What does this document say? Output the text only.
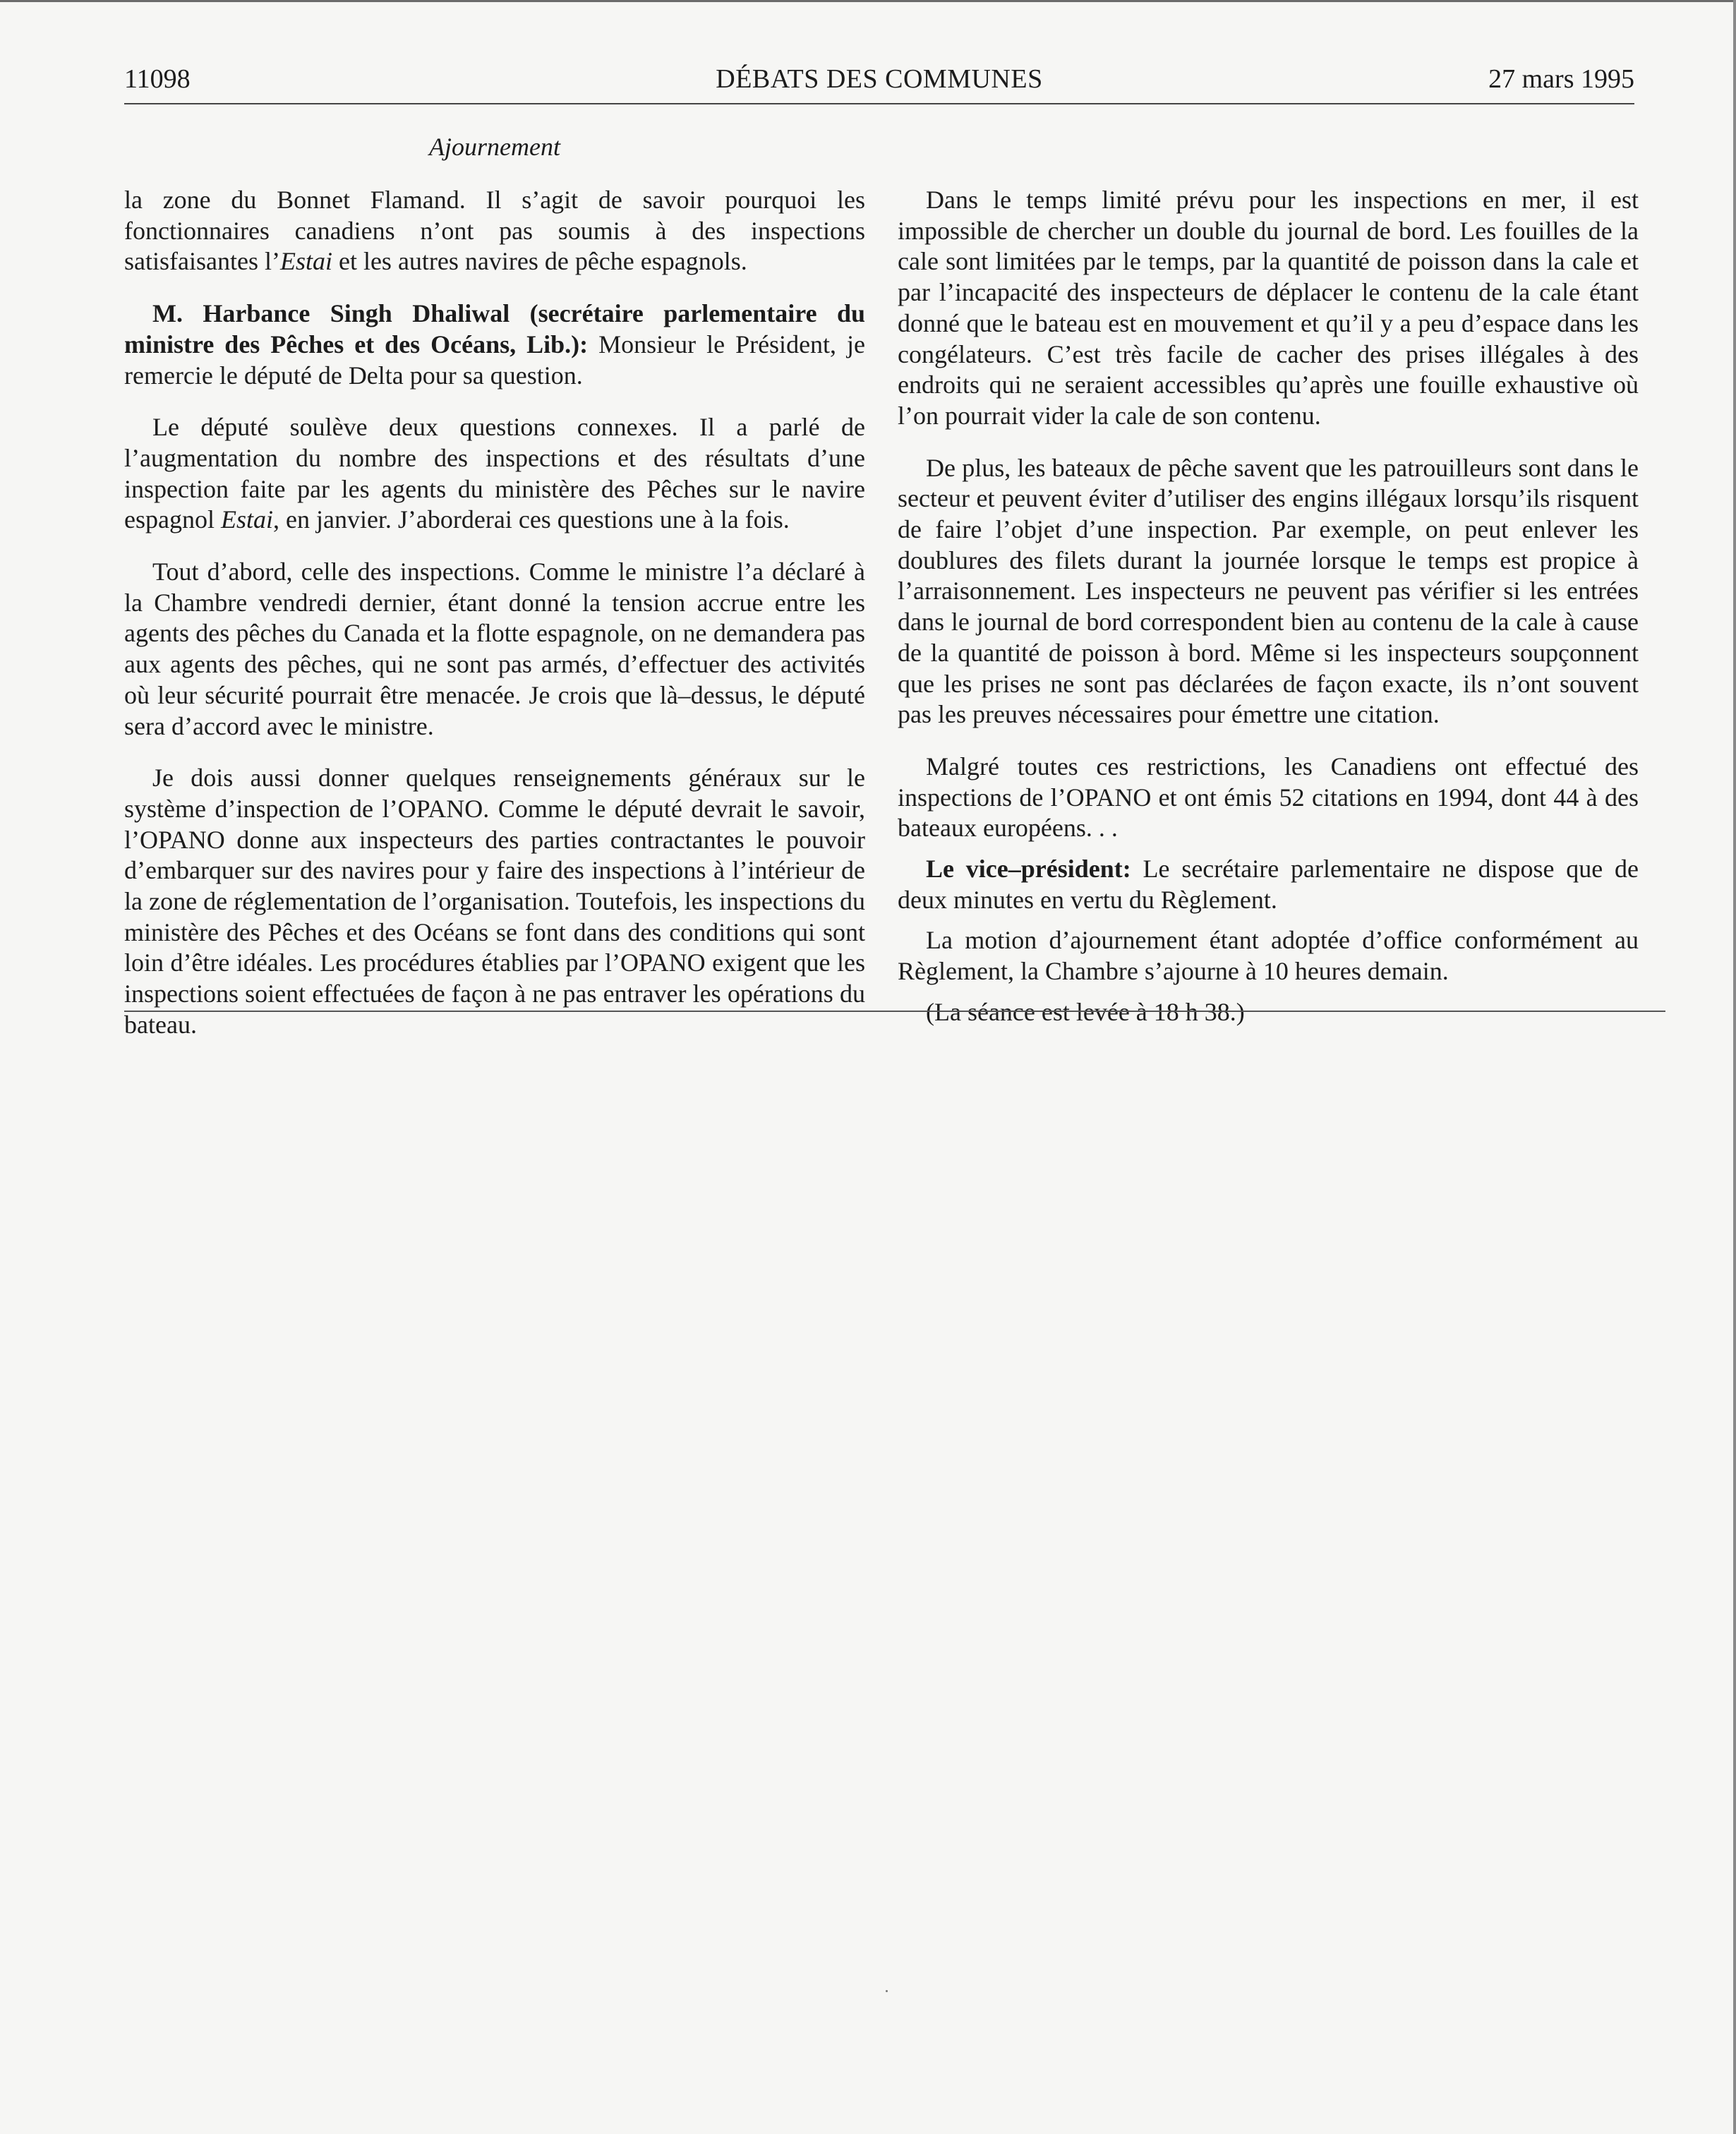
11098	DÉBATS DES COMMUNES	27 mars 1995
Ajournement

la zone du Bonnet Flamand. Il s’agit de savoir pourquoi les fonctionnaires canadiens n’ont pas soumis à des inspections satisfaisantes l’Estai et les autres navires de pêche espagnols.

M. Harbance Singh Dhaliwal (secrétaire parlementaire du ministre des Pêches et des Océans, Lib.): Monsieur le Président, je remercie le député de Delta pour sa question.

Le député soulève deux questions connexes. Il a parlé de l’augmentation du nombre des inspections et des résultats d’une inspection faite par les agents du ministère des Pêches sur le navire espagnol Estai, en janvier. J’aborderai ces questions une à la fois.

Tout d’abord, celle des inspections. Comme le ministre l’a déclaré à la Chambre vendredi dernier, étant donné la tension accrue entre les agents des pêches du Canada et la flotte espagnole, on ne demandera pas aux agents des pêches, qui ne sont pas armés, d’effectuer des activités où leur sécurité pourrait être menacée. Je crois que là–dessus, le député sera d’accord avec le ministre.

Je dois aussi donner quelques renseignements généraux sur le système d’inspection de l’OPANO. Comme le député devrait le savoir, l’OPANO donne aux inspecteurs des parties contractantes le pouvoir d’embarquer sur des navires pour y faire des inspections à l’intérieur de la zone de réglementation de l’organisation. Toutefois, les inspections du ministère des Pêches et des Océans se font dans des conditions qui sont loin d’être idéales. Les procédures établies par l’OPANO exigent que les inspections soient effectuées de façon à ne pas entraver les opérations du bateau.

Dans le temps limité prévu pour les inspections en mer, il est impossible de chercher un double du journal de bord. Les fouilles de la cale sont limitées par le temps, par la quantité de poisson dans la cale et par l’incapacité des inspecteurs de déplacer le contenu de la cale étant donné que le bateau est en mouvement et qu’il y a peu d’espace dans les congélateurs. C’est très facile de cacher des prises illégales à des endroits qui ne seraient accessibles qu’après une fouille exhaustive où l’on pourrait vider la cale de son contenu.

De plus, les bateaux de pêche savent que les patrouilleurs sont dans le secteur et peuvent éviter d’utiliser des engins illégaux lorsqu’ils risquent de faire l’objet d’une inspection. Par exemple, on peut enlever les doublures des filets durant la journée lorsque le temps est propice à l’arraisonnement. Les inspecteurs ne peuvent pas vérifier si les entrées dans le journal de bord correspondent bien au contenu de la cale à cause de la quantité de poisson à bord. Même si les inspecteurs soupçonnent que les prises ne sont pas déclarées de façon exacte, ils n’ont souvent pas les preuves nécessaires pour émettre une citation.

Malgré toutes ces restrictions, les Canadiens ont effectué des inspections de l’OPANO et ont émis 52 citations en 1994, dont 44 à des bateaux européens. . .

Le vice–président: Le secrétaire parlementaire ne dispose que de deux minutes en vertu du Règlement.

La motion d’ajournement étant adoptée d’office conformément au Règlement, la Chambre s’ajourne à 10 heures demain.

(La séance est levée à 18 h 38.)
